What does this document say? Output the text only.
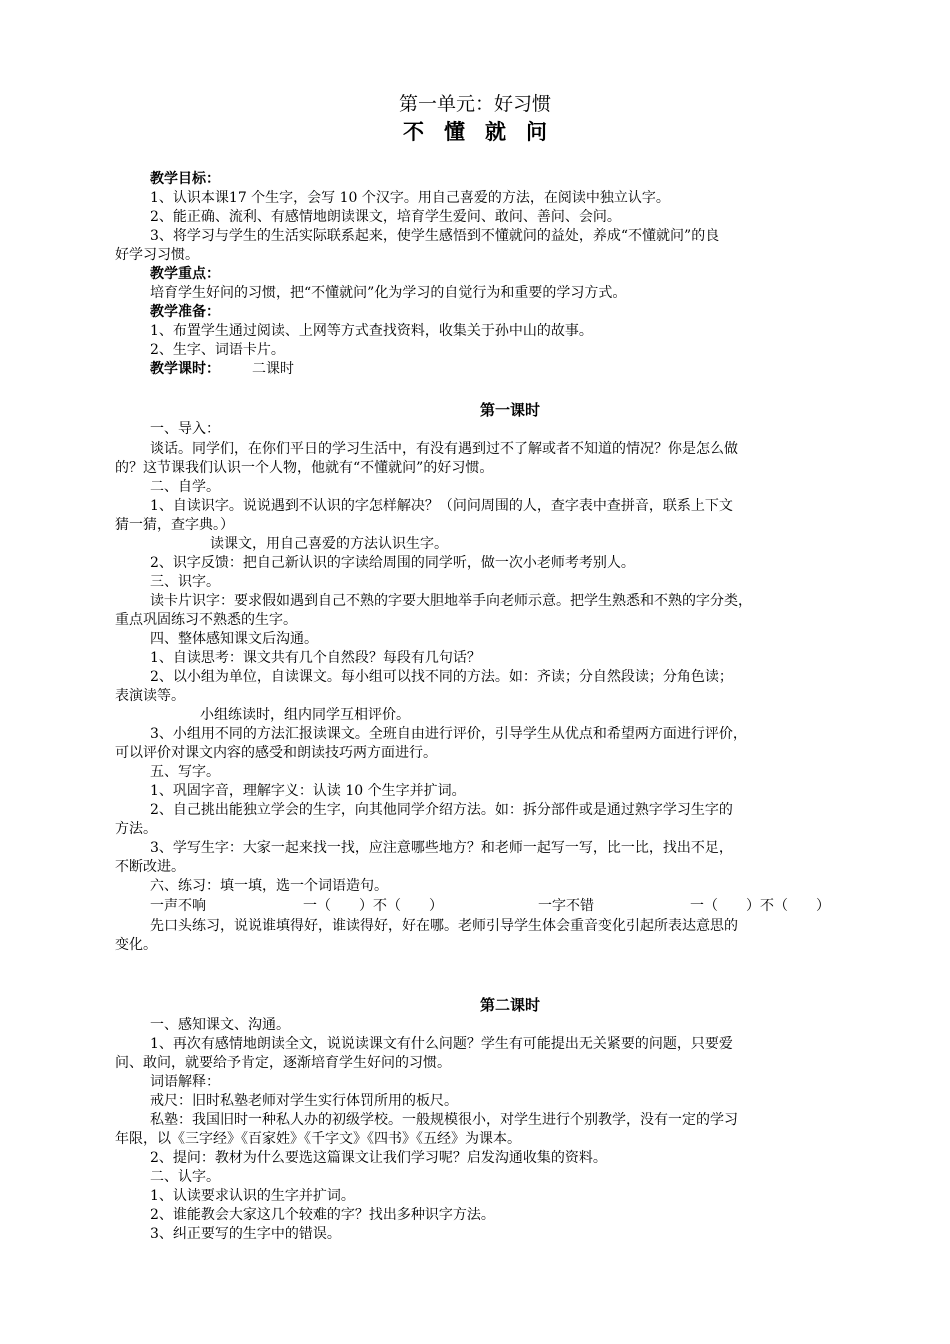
第一单元：好习惯
不懂就问
教学目标：
1、认识本课17 个生字，会写 10 个汉字。用自己喜爱的方法，在阅读中独立认字。
2、能正确、流利、有感情地朗读课文，培育学生爱问、敢问、善问、会问。
3、将学习与学生的生活实际联系起来，使学生感悟到不懂就问的益处，养成“不懂就问”的良
好学习习惯。
教学重点：
培育学生好问的习惯，把“不懂就问”化为学习的自觉行为和重要的学习方式。
教学准备：
1、布置学生通过阅读、上网等方式查找资料，收集关于孙中山的故事。
2、生字、词语卡片。
教学课时： 二课时
第一课时
一、导入：
谈话。同学们，在你们平日的学习生活中，有没有遇到过不了解或者不知道的情况？你是怎么做
的？这节课我们认识一个人物，他就有“不懂就问”的好习惯。
二、自学。
1、自读识字。说说遇到不认识的字怎样解决？（问问周围的人，查字表中查拼音，联系上下文
猜一猜，查字典。）
读课文，用自己喜爱的方法认识生字。
2、识字反馈：把自己新认识的字读给周围的同学听，做一次小老师考考别人。
三、识字。
读卡片识字：要求假如遇到自己不熟的字要大胆地举手向老师示意。把学生熟悉和不熟的字分类，
重点巩固练习不熟悉的生字。
四、整体感知课文后沟通。
1、自读思考：课文共有几个自然段？每段有几句话？
2、以小组为单位，自读课文。每小组可以找不同的方法。如：齐读；分自然段读；分角色读；
表演读等。
小组练读时，组内同学互相评价。
3、小组用不同的方法汇报读课文。全班自由进行评价，引导学生从优点和希望两方面进行评价，
可以评价对课文内容的感受和朗读技巧两方面进行。
五、写字。
1、巩固字音，理解字义：认读 10 个生字并扩词。
2、自己挑出能独立学会的生字，向其他同学介绍方法。如：拆分部件或是通过熟字学习生字的
方法。
3、学写生字：大家一起来找一找，应注意哪些地方？和老师一起写一写，比一比，找出不足，
不断改进。
六、练习：填一填，选一个词语造句。
一声不响	一（　　）不（　　）	一字不错	一（　　）不（　　）
先口头练习，说说谁填得好，谁读得好，好在哪。老师引导学生体会重音变化引起所表达意思的
变化。
第二课时
一、感知课文、沟通。
1、再次有感情地朗读全文，说说读课文有什么问题？学生有可能提出无关紧要的问题，只要爱
问、敢问，就要给予肯定，逐渐培育学生好问的习惯。
词语解释：
戒尺：旧时私塾老师对学生实行体罚所用的板尺。
私塾：我国旧时一种私人办的初级学校。一般规模很小，对学生进行个别教学，没有一定的学习
年限，以《三字经》《百家姓》《千字文》《四书》《五经》为课本。
2、提问：教材为什么要选这篇课文让我们学习呢？启发沟通收集的资料。
二、认字。
1、认读要求认识的生字并扩词。
2、谁能教会大家这几个较难的字？找出多种识字方法。
3、纠正要写的生字中的错误。
